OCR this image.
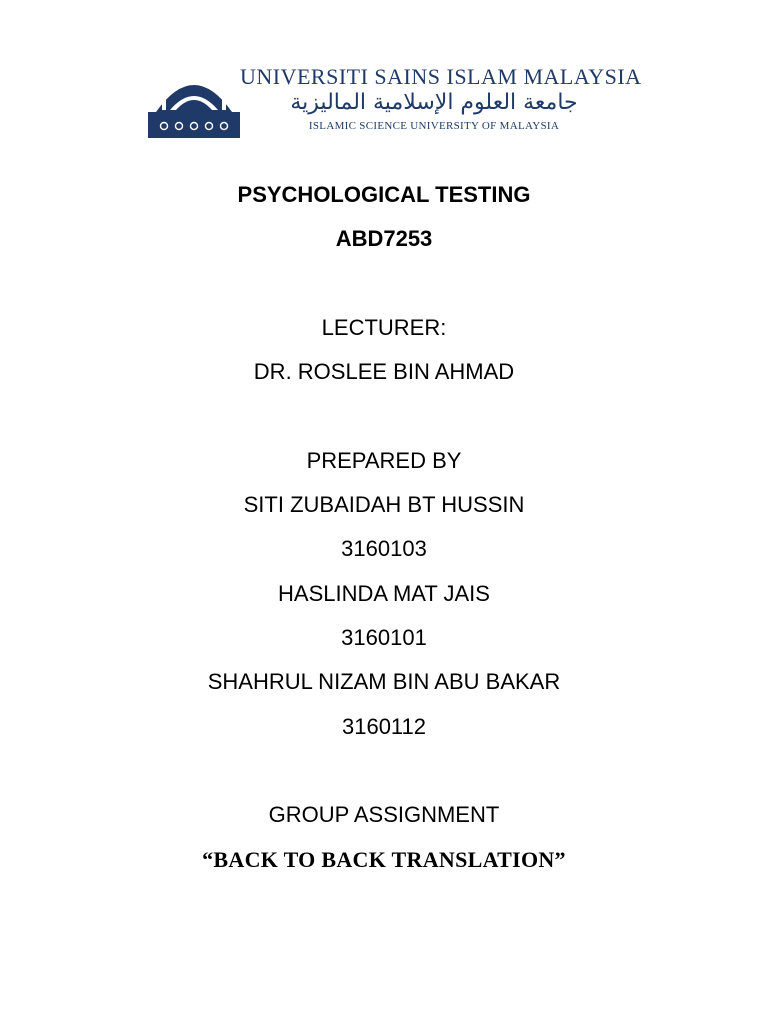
UNIVERSITI SAINS ISLAM MALAYSIA
جامعة العلوم الإسلامية الماليزية
ISLAMIC SCIENCE UNIVERSITY OF MALAYSIA
PSYCHOLOGICAL TESTING
ABD7253
LECTURER:
DR. ROSLEE BIN AHMAD
PREPARED BY
SITI ZUBAIDAH BT HUSSIN
3160103
HASLINDA MAT JAIS
3160101
SHAHRUL NIZAM BIN ABU BAKAR
3160112
GROUP ASSIGNMENT
“BACK TO BACK TRANSLATION”
